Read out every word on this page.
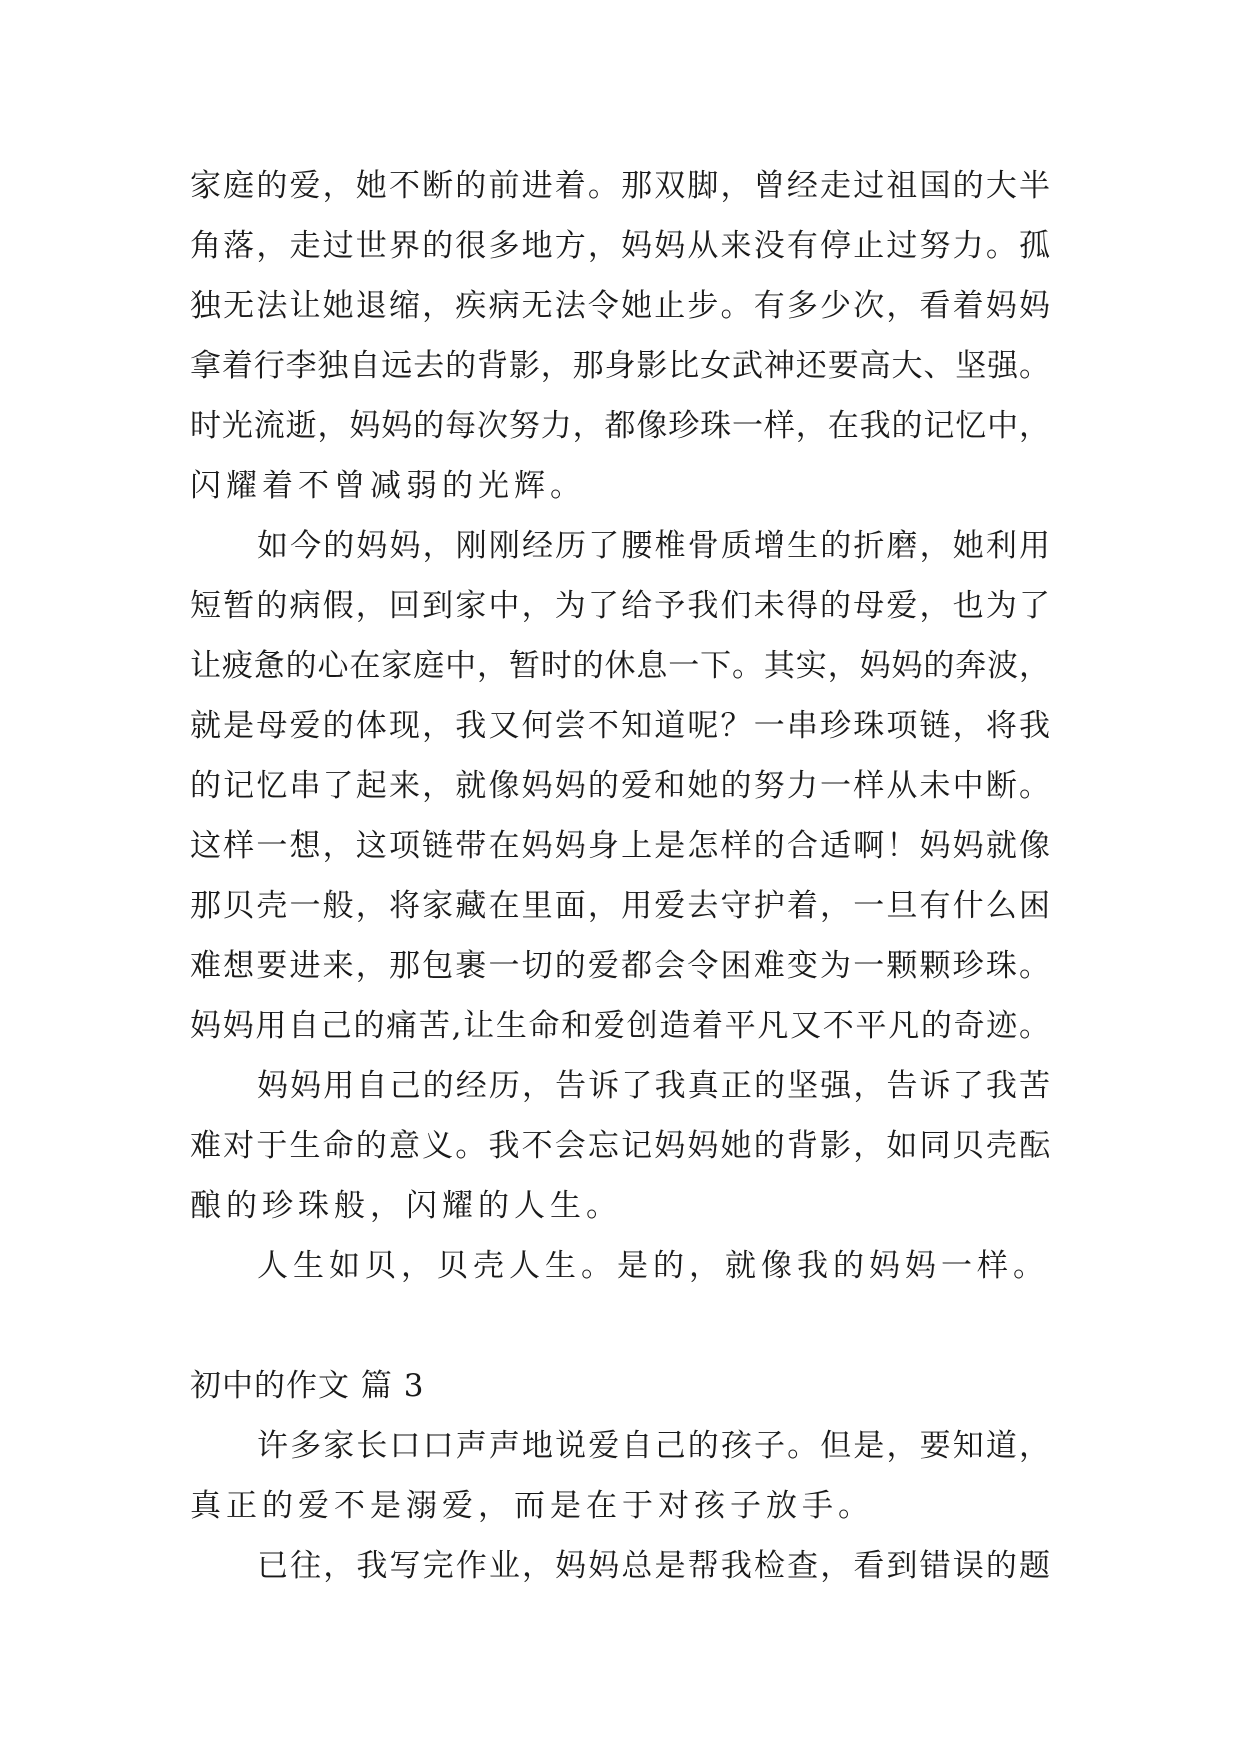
家庭的爱，她不断的前进着。那双脚，曾经走过祖国的大半
角落，走过世界的很多地方，妈妈从来没有停止过努力。孤
独无法让她退缩，疾病无法令她止步。有多少次，看着妈妈
拿着行李独自远去的背影，那身影比女武神还要高大、坚强。
时光流逝，妈妈的每次努力，都像珍珠一样，在我的记忆中，
闪耀着不曾减弱的光辉。
如今的妈妈，刚刚经历了腰椎骨质增生的折磨，她利用
短暂的病假，回到家中，为了给予我们未得的母爱，也为了
让疲惫的心在家庭中，暂时的休息一下。其实，妈妈的奔波，
就是母爱的体现，我又何尝不知道呢？一串珍珠项链，将我
的记忆串了起来，就像妈妈的爱和她的努力一样从未中断。
这样一想，这项链带在妈妈身上是怎样的合适啊！妈妈就像
那贝壳一般，将家藏在里面，用爱去守护着，一旦有什么困
难想要进来，那包裹一切的爱都会令困难变为一颗颗珍珠。
妈妈用自己的痛苦,让生命和爱创造着平凡又不平凡的奇迹。
妈妈用自己的经历，告诉了我真正的坚强，告诉了我苦
难对于生命的意义。我不会忘记妈妈她的背影，如同贝壳酝
酿的珍珠般，闪耀的人生。
人生如贝，贝壳人生。是的，就像我的妈妈一样。
初中的作文 篇 3
许多家长口口声声地说爱自己的孩子。但是，要知道，
真正的爱不是溺爱，而是在于对孩子放手。
已往，我写完作业，妈妈总是帮我检查，看到错误的题
